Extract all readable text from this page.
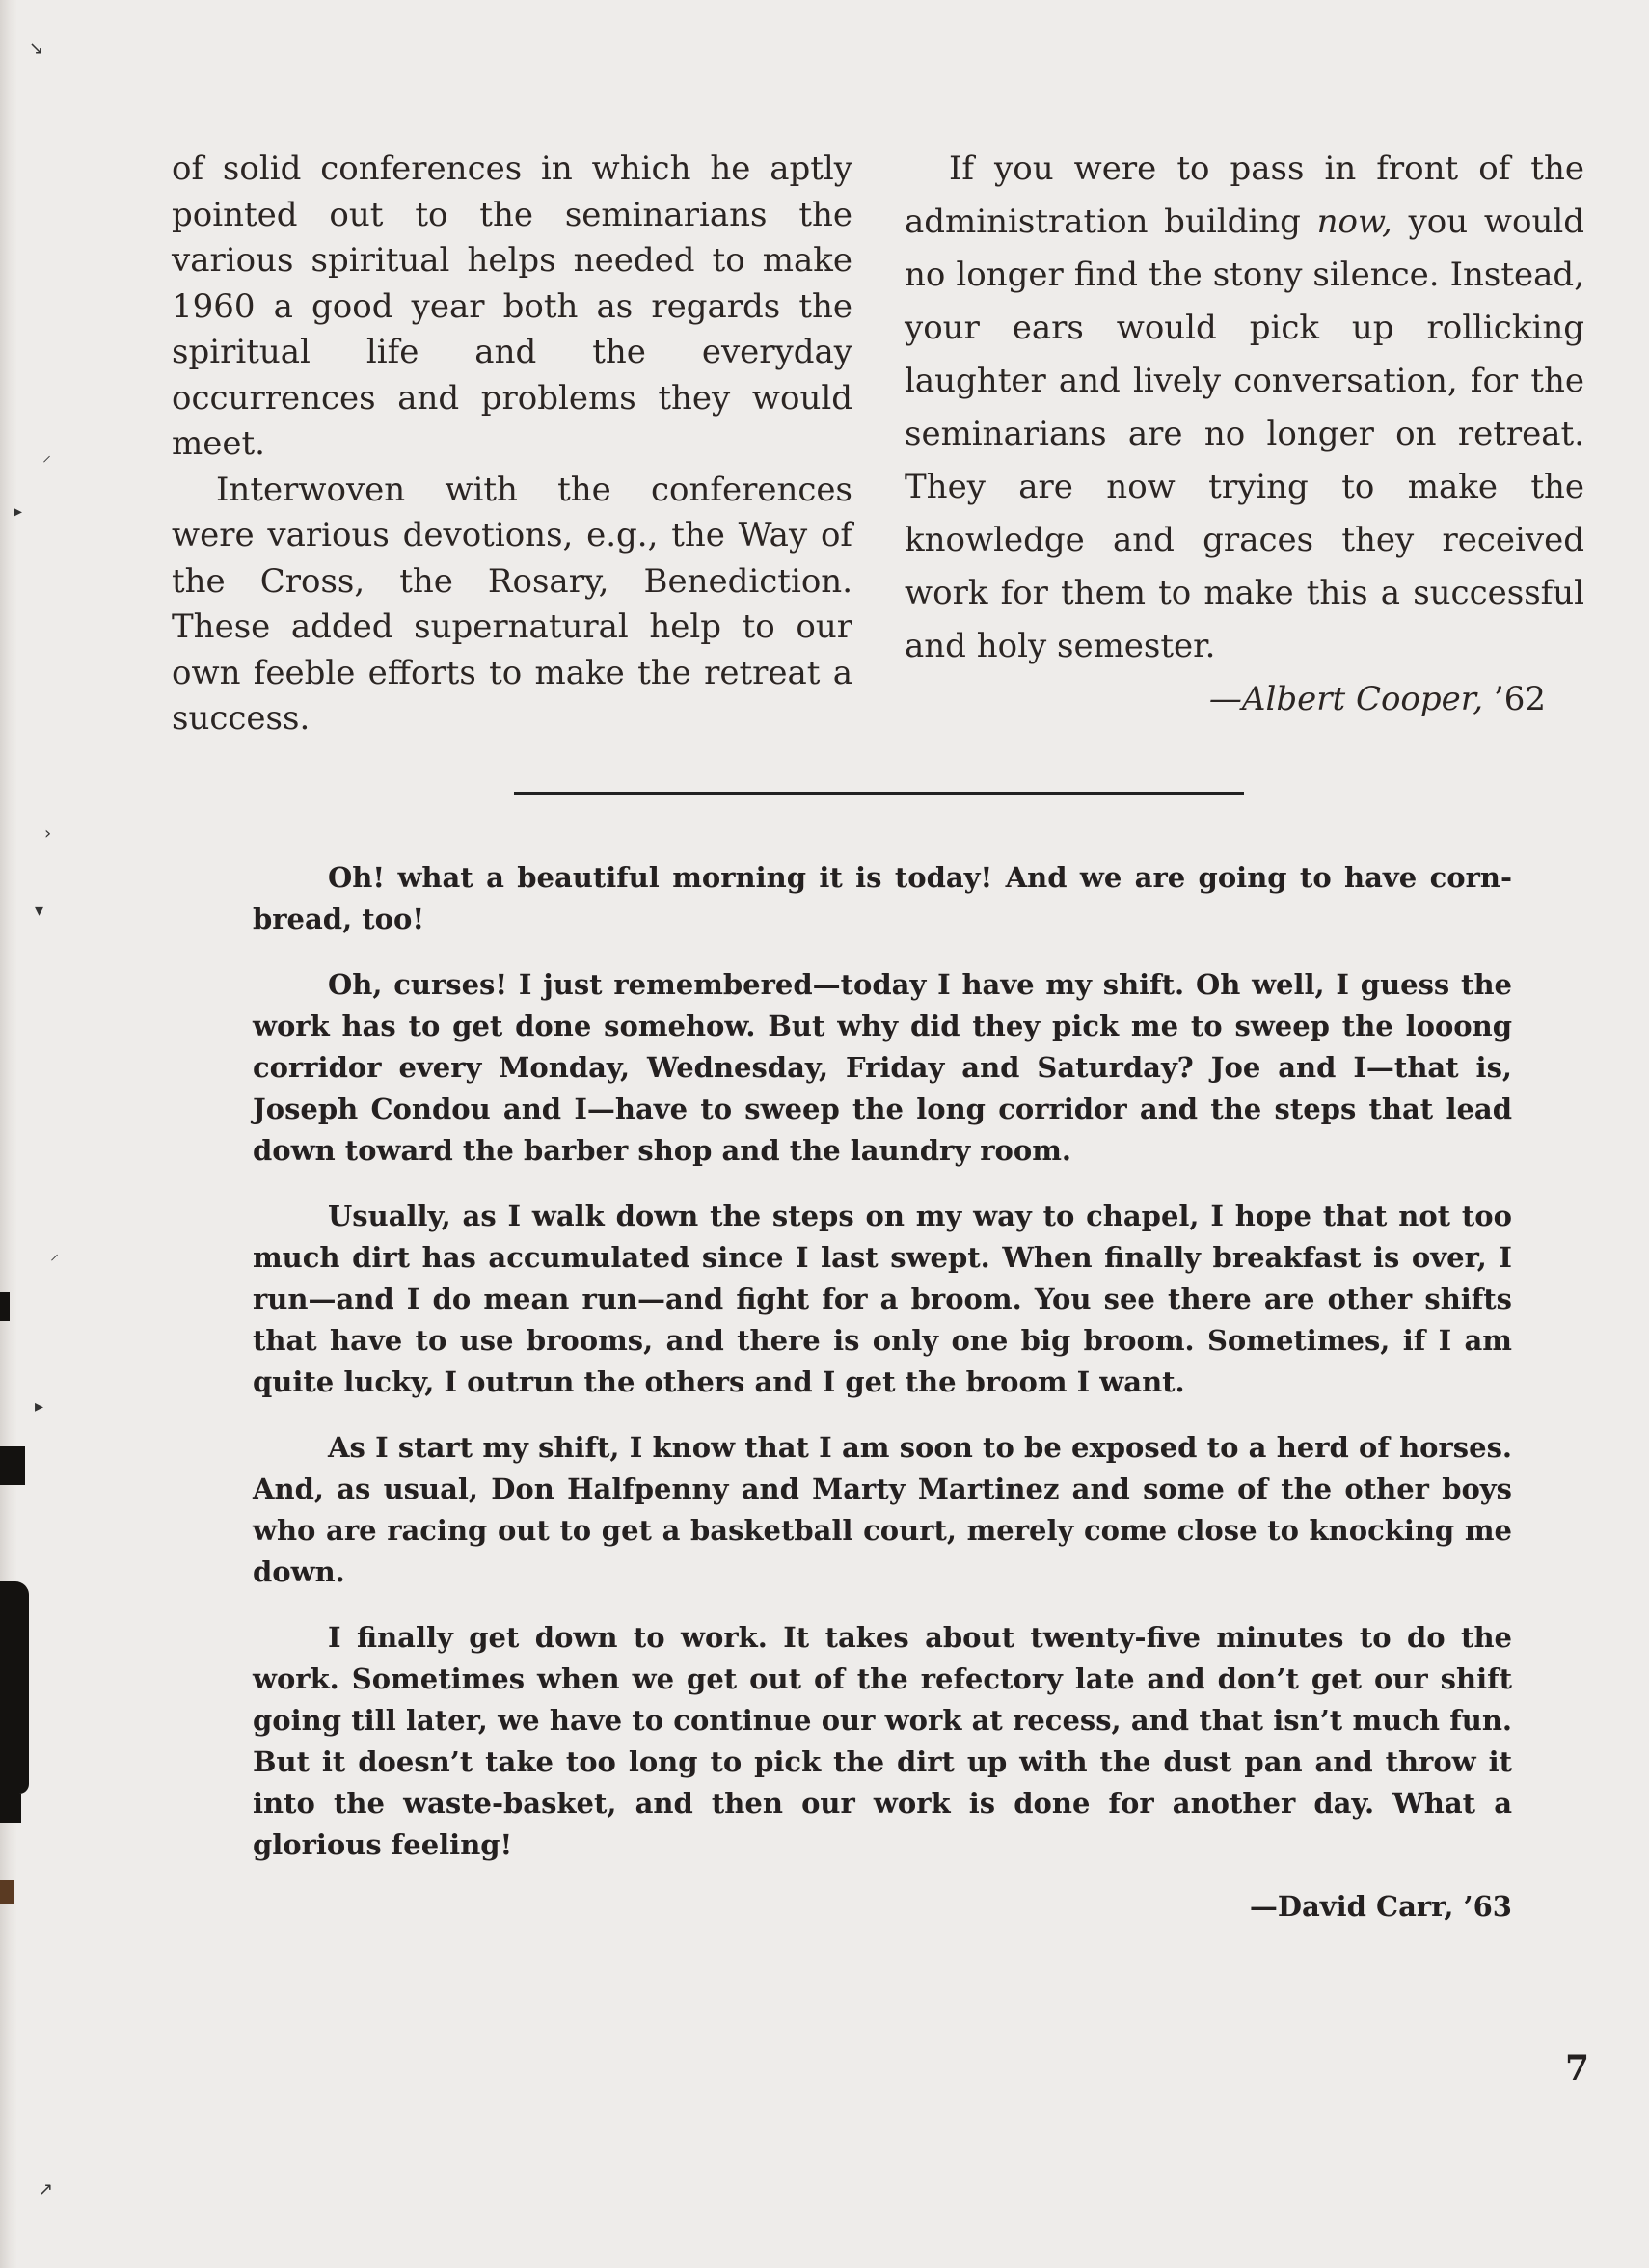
↘
⸝
▸
›
▾
⸝
▸
↗

of solid conferences in which he aptly pointed out to the seminarians the various spiritual helps needed to make 1960 a good year both as regards the spiritual life and the everyday occurrences and problems they would meet.

Interwoven with the conferences were various devotions, e.g., the Way of the Cross, the Rosary, Benediction. These added supernatural help to our own feeble efforts to make the retreat a success.

If you were to pass in front of the administration building now, you would no longer find the stony silence. Instead, your ears would pick up rollicking laughter and lively conversation, for the seminarians are no longer on retreat. They are now trying to make the knowledge and graces they received work for them to make this a successful and holy semester.

—Albert Cooper, ’62

Oh! what a beautiful morning it is today! And we are going to have corn-bread, too!

Oh, curses! I just remembered—today I have my shift. Oh well, I guess the work has to get done somehow. But why did they pick me to sweep the looong corridor every Monday, Wednesday, Friday and Saturday? Joe and I—that is, Joseph Condou and I—have to sweep the long corridor and the steps that lead down toward the barber shop and the laundry room.

Usually, as I walk down the steps on my way to chapel, I hope that not too much dirt has accumulated since I last swept. When finally breakfast is over, I run—and I do mean run—and fight for a broom. You see there are other shifts that have to use brooms, and there is only one big broom. Sometimes, if I am quite lucky, I outrun the others and I get the broom I want.

As I start my shift, I know that I am soon to be exposed to a herd of horses. And, as usual, Don Halfpenny and Marty Martinez and some of the other boys who are racing out to get a basketball court, merely come close to knocking me down.

I finally get down to work. It takes about twenty-five minutes to do the work. Sometimes when we get out of the refectory late and don’t get our shift going till later, we have to continue our work at recess, and that isn’t much fun. But it doesn’t take too long to pick the dirt up with the dust pan and throw it into the waste-basket, and then our work is done for another day. What a glorious feeling!

—David Carr, ’63

7
